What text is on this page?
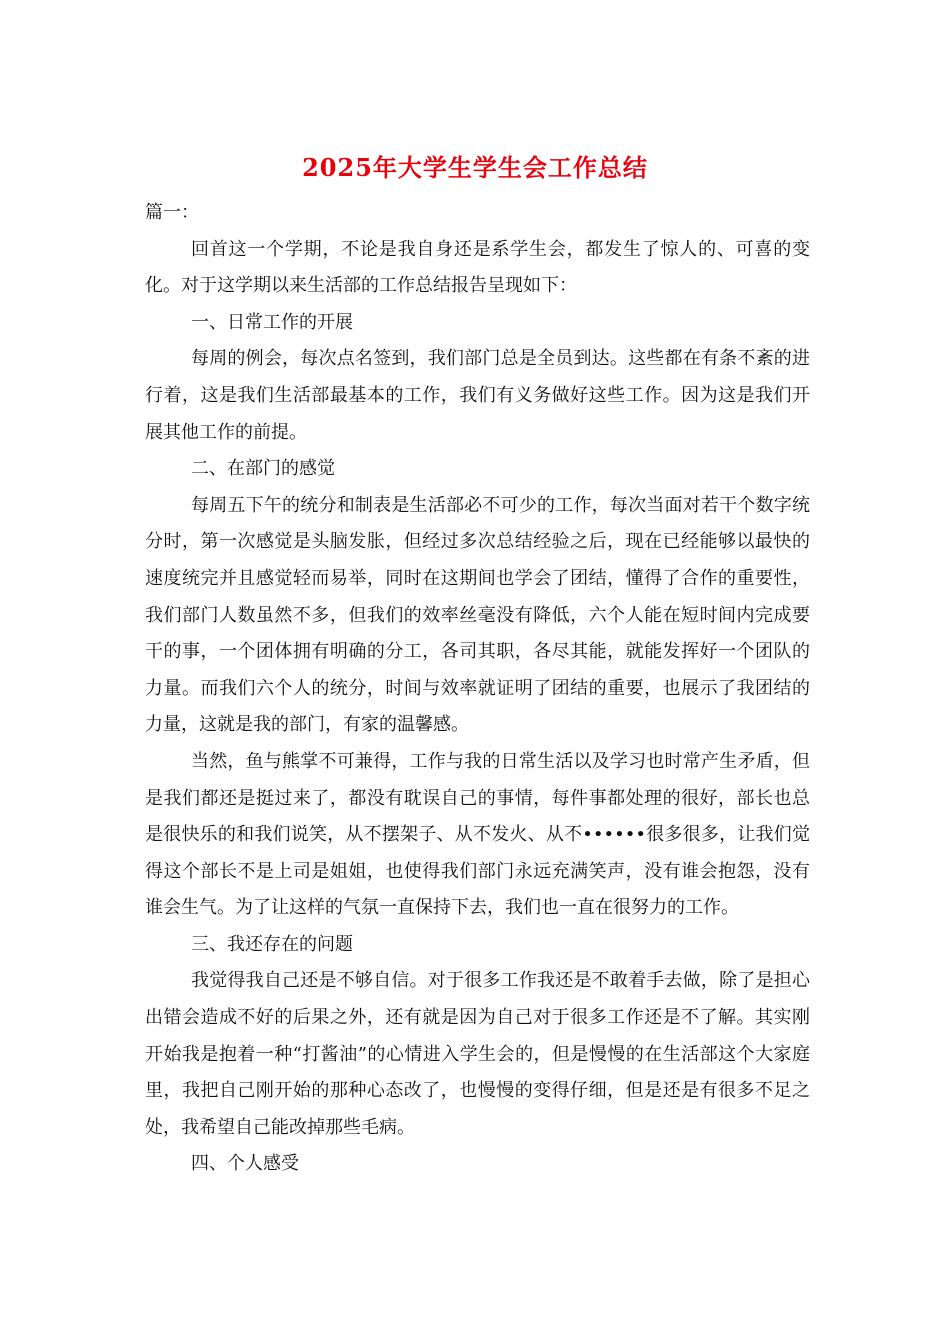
2025年大学生学生会工作总结

篇一：

回首这一个学期，不论是我自身还是系学生会，都发生了惊人的、可喜的变化。对于这学期以来生活部的工作总结报告呈现如下：

一、日常工作的开展

每周的例会，每次点名签到，我们部门总是全员到达。这些都在有条不紊的进行着，这是我们生活部最基本的工作，我们有义务做好这些工作。因为这是我们开展其他工作的前提。

二、在部门的感觉

每周五下午的统分和制表是生活部必不可少的工作，每次当面对若干个数字统分时，第一次感觉是头脑发胀，但经过多次总结经验之后，现在已经能够以最快的速度统完并且感觉轻而易举，同时在这期间也学会了团结，懂得了合作的重要性，我们部门人数虽然不多，但我们的效率丝毫没有降低，六个人能在短时间内完成要干的事，一个团体拥有明确的分工，各司其职，各尽其能，就能发挥好一个团队的力量。而我们六个人的统分，时间与效率就证明了团结的重要，也展示了我团结的力量，这就是我的部门，有家的温馨感。

当然，鱼与熊掌不可兼得，工作与我的日常生活以及学习也时常产生矛盾，但是我们都还是挺过来了，都没有耽误自己的事情，每件事都处理的很好，部长也总是很快乐的和我们说笑，从不摆架子、从不发火、从不••••••很多很多，让我们觉得这个部长不是上司是姐姐，也使得我们部门永远充满笑声，没有谁会抱怨，没有谁会生气。为了让这样的气氛一直保持下去，我们也一直在很努力的工作。

三、我还存在的问题

我觉得我自己还是不够自信。对于很多工作我还是不敢着手去做，除了是担心出错会造成不好的后果之外，还有就是因为自己对于很多工作还是不了解。其实刚开始我是抱着一种“打酱油”的心情进入学生会的，但是慢慢的在生活部这个大家庭里，我把自己刚开始的那种心态改了，也慢慢的变得仔细，但是还是有很多不足之处，我希望自己能改掉那些毛病。

四、个人感受
